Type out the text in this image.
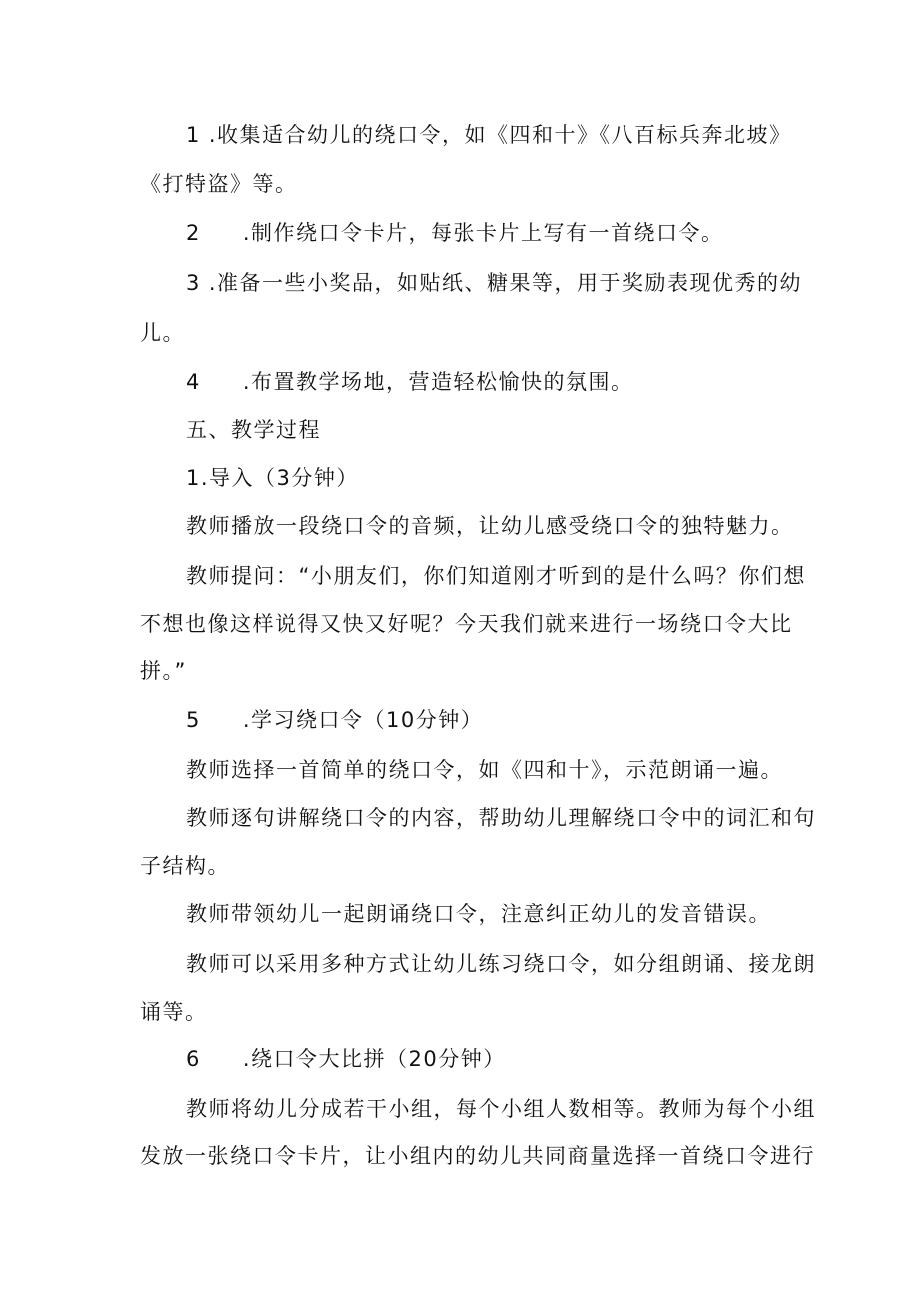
1 .收集适合幼儿的绕口令，如《四和十》《八百标兵奔北坡》
《打特盗》等。
2 .制作绕口令卡片，每张卡片上写有一首绕口令。
3 .准备一些小奖品，如贴纸、糖果等，用于奖励表现优秀的幼
儿。
4 .布置教学场地，营造轻松愉快的氛围。
五、教学过程
1.导入（3分钟）
教师播放一段绕口令的音频，让幼儿感受绕口令的独特魅力。
教师提问：“小朋友们，你们知道刚才听到的是什么吗？你们想
不想也像这样说得又快又好呢？今天我们就来进行一场绕口令大比
拼。”
5 .学习绕口令（10分钟）
教师选择一首简单的绕口令，如《四和十》，示范朗诵一遍。
教师逐句讲解绕口令的内容，帮助幼儿理解绕口令中的词汇和句
子结构。
教师带领幼儿一起朗诵绕口令，注意纠正幼儿的发音错误。
教师可以采用多种方式让幼儿练习绕口令，如分组朗诵、接龙朗
诵等。
6 .绕口令大比拼（20分钟）
教师将幼儿分成若干小组，每个小组人数相等。教师为每个小组
发放一张绕口令卡片，让小组内的幼儿共同商量选择一首绕口令进行
